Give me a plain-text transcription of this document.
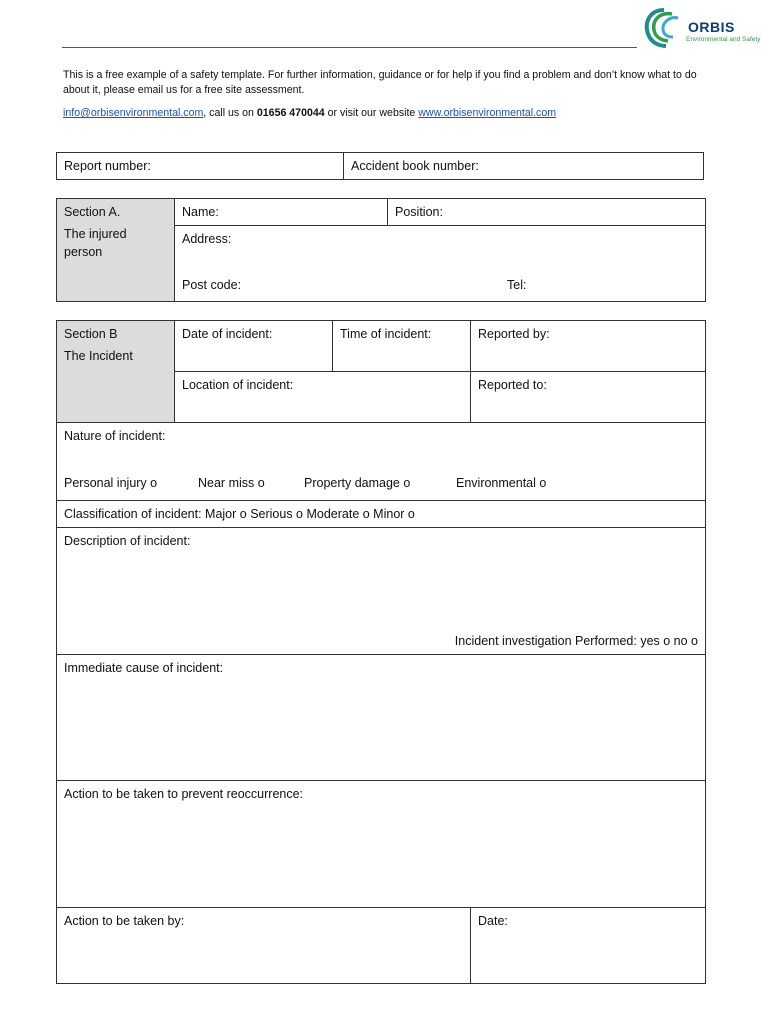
ORBIS
Environmental and Safety
This is a free example of a safety template. For further information, guidance or for help if you find a problem and don’t know what to do about it, please email us for a free site assessment.
info@orbisenvironmental.com, call us on 01656 470044 or visit our website www.orbisenvironmental.com
Report number:	Accident book number:
Section A.
The injured person
	Name:	Position:
Address:
Post code:	Tel:
Section B
The Incident	Date of incident:	Time of incident:	Reported by:
	Location of incident:		Reported to:
Nature of incident:
Personal injury o Near miss o Property damage o Environmental o			

Classification of incident: Major o Serious o Moderate o Minor o			
Description of incident:
Incident investigation Performed: yes o no o			

Immediate cause of incident:			
Action to be taken to prevent reoccurrence:			
Action to be taken by:			Date:
